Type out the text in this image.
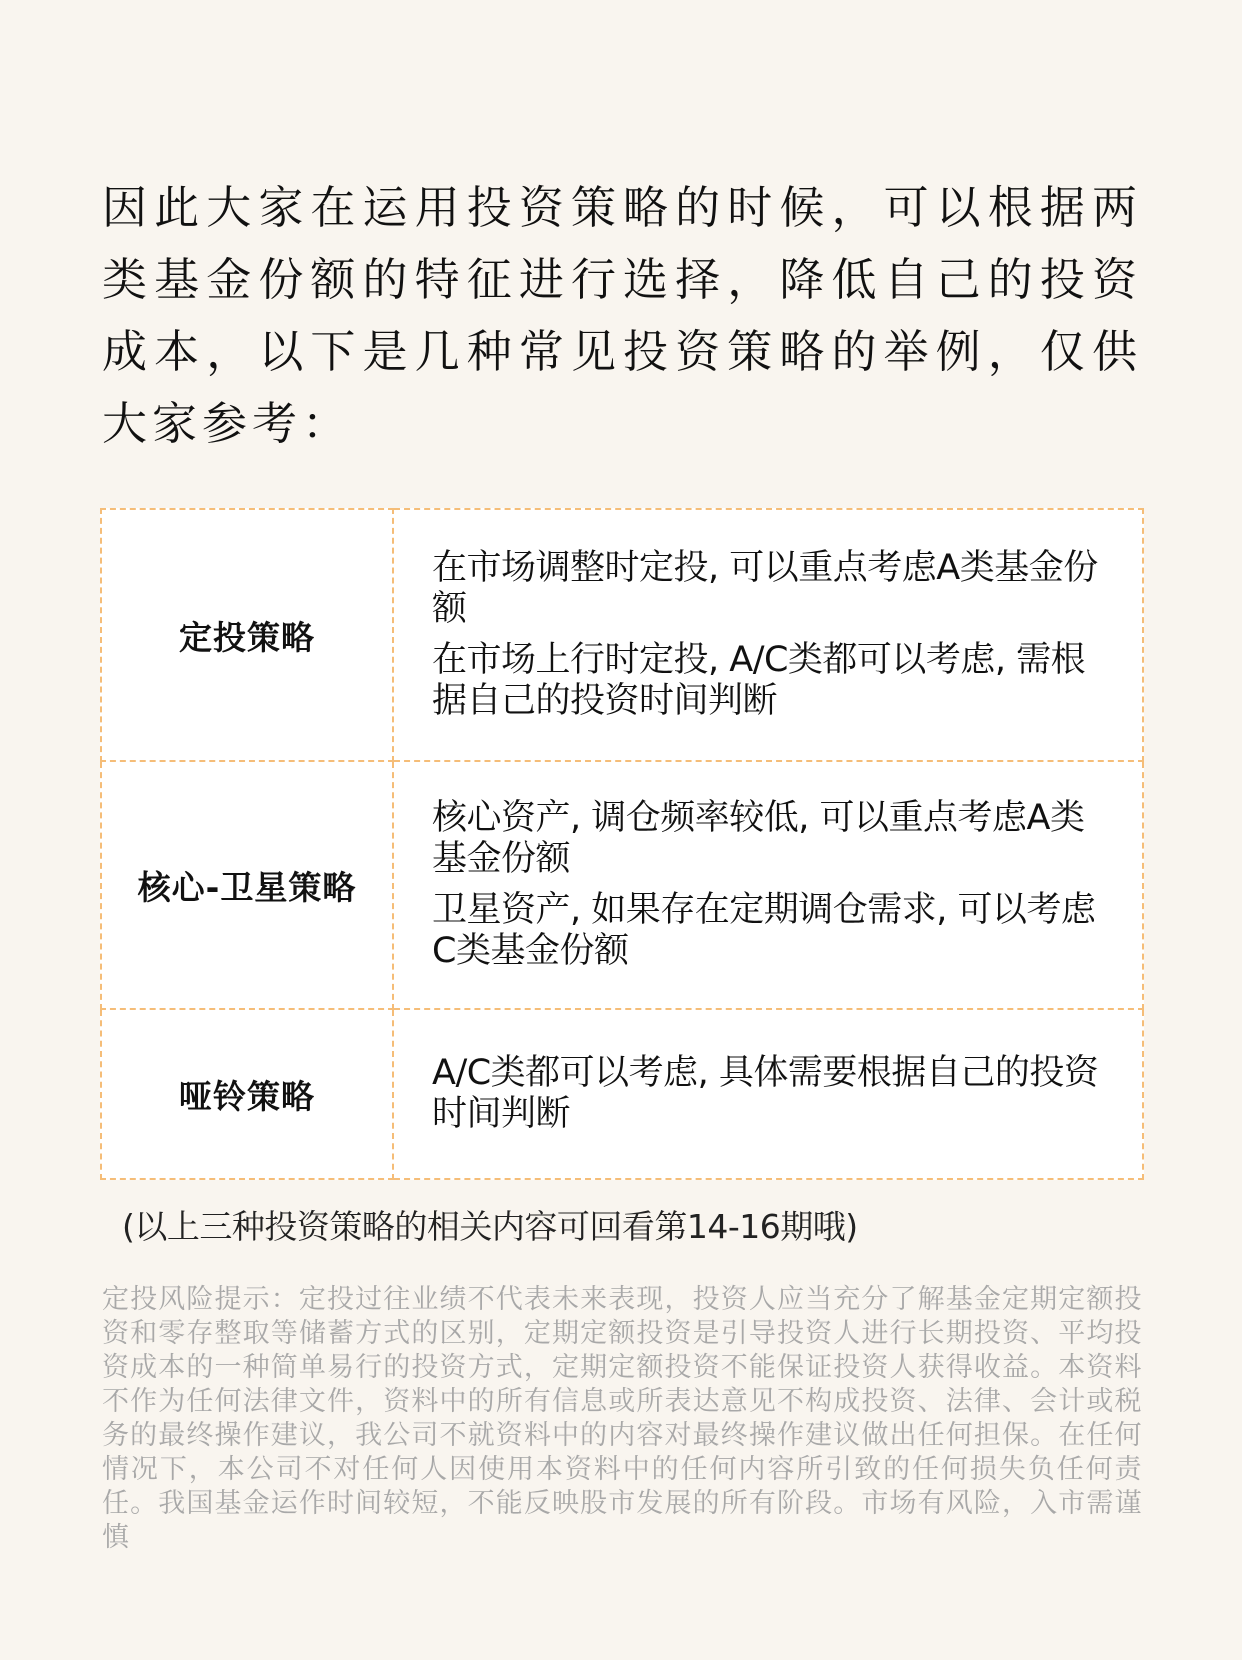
因此大家在运用投资策略的时候，可以根据两类基金份额的特征进行选择，降低自己的投资成本，以下是几种常见投资策略的举例，仅供大家参考：

定投策略	在市场调整时定投, 可以重点考虑A类基金份额

在市场上行时定投, A/C类都可以考虑, 需根据自己的投资时间判断

核心-卫星策略	核心资产, 调仓频率较低, 可以重点考虑A类基金份额

卫星资产, 如果存在定期调仓需求, 可以考虑C类基金份额

哑铃策略	A/C类都可以考虑, 具体需要根据自己的投资时间判断

(以上三种投资策略的相关内容可回看第14-16期哦)

定投风险提示：定投过往业绩不代表未来表现，投资人应当充分了解基金定期定额投资和零存整取等储蓄方式的区别，定期定额投资是引导投资人进行长期投资、平均投资成本的一种简单易行的投资方式，定期定额投资不能保证投资人获得收益。本资料不作为任何法律文件，资料中的所有信息或所表达意见不构成投资、法律、会计或税务的最终操作建议，我公司不就资料中的内容对最终操作建议做出任何担保。在任何情况下，本公司不对任何人因使用本资料中的任何内容所引致的任何损失负任何责任。我国基金运作时间较短，不能反映股市发展的所有阶段。市场有风险，入市需谨慎
